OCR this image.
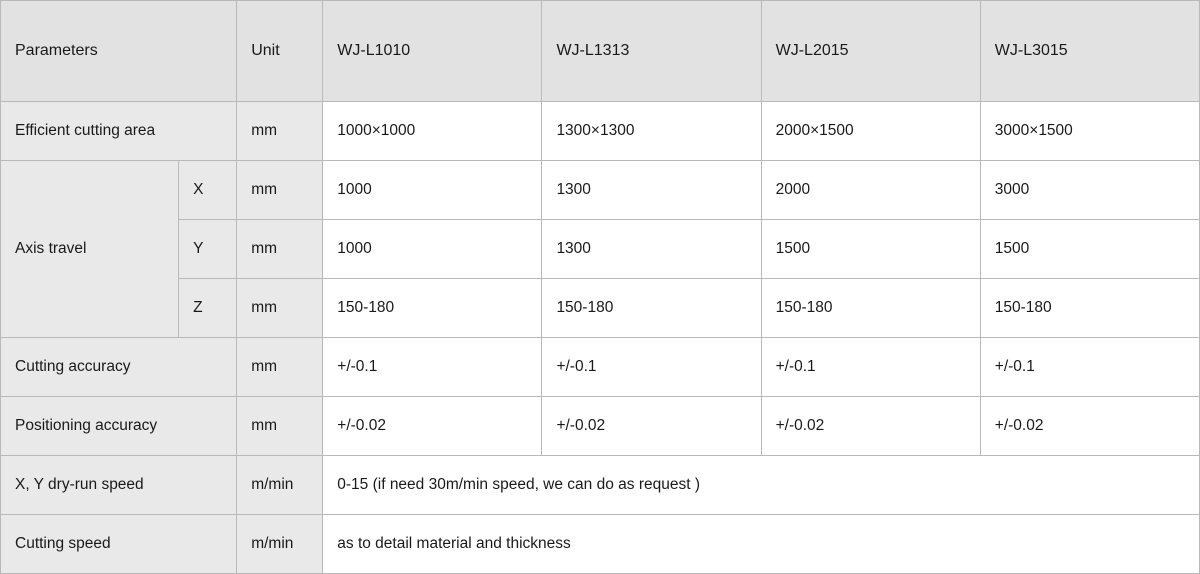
Parameters		Unit	WJ-L1010	WJ-L1313	WJ-L2015	WJ-L3015
Efficient cutting area		mm	1000×1000	1300×1300	2000×1500	3000×1500
Axis travel	X	mm	1000	1300	2000	3000
	Y	mm	1000	1300	1500	1500
	Z	mm	150-180	150-180	150-180	150-180
Cutting accuracy		mm	+/-0.1	+/-0.1	+/-0.1	+/-0.1
Positioning accuracy		mm	+/-0.02	+/-0.02	+/-0.02	+/-0.02
X, Y dry-run speed		m/min	0-15 (if need 30m/min speed, we can do as request )			
Cutting speed		m/min	as to detail material and thickness			
